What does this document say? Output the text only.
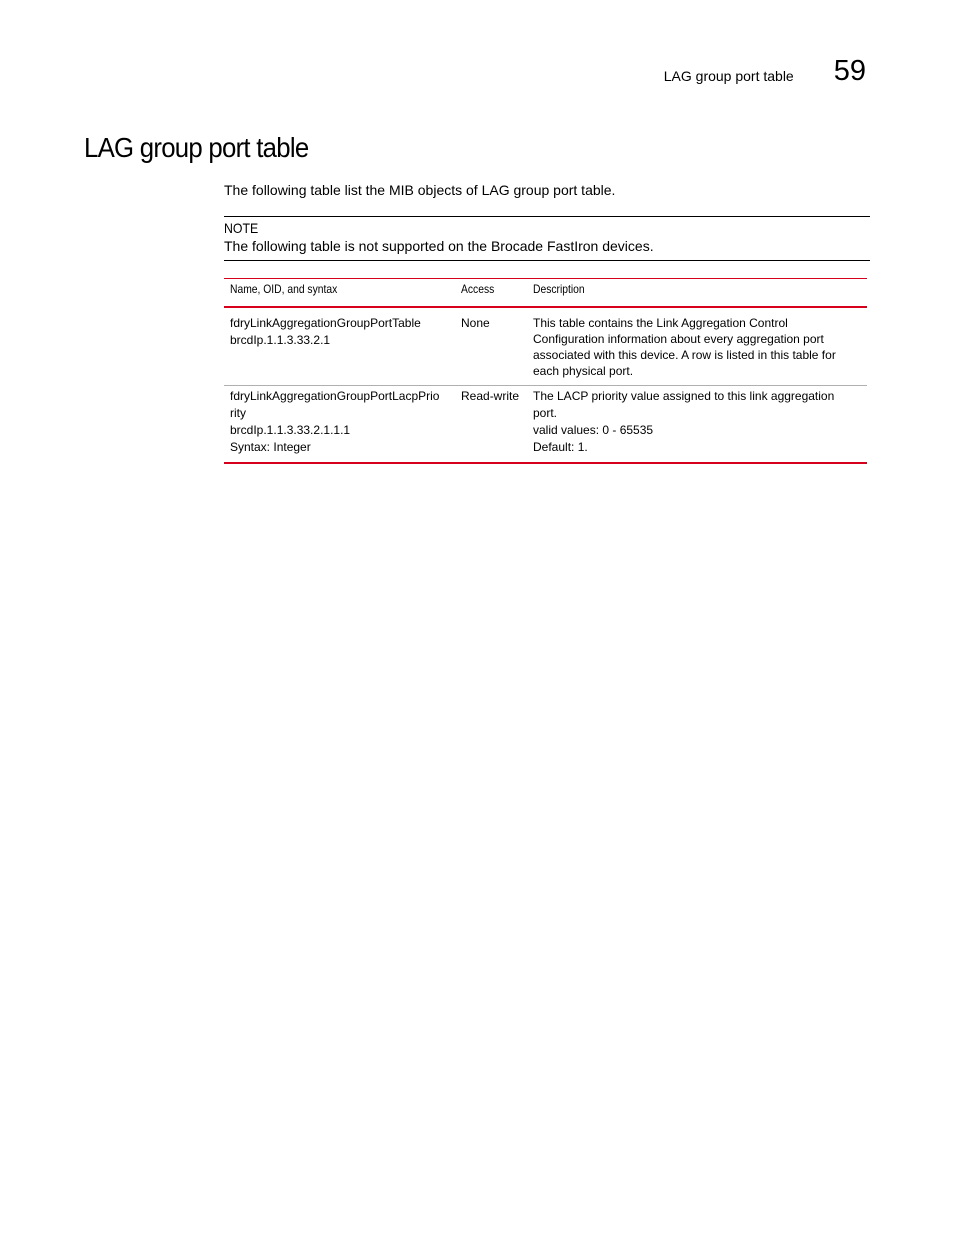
LAG group port table 59
LAG group port table

The following table list the MIB objects of LAG group port table.

NOTE
The following table is not supported on the Brocade FastIron devices.
Name, OID, and syntax	Access	Description

fdryLinkAggregationGroupPortTable
brcdIp.1.1.3.33.2.1	None	This table contains the Link Aggregation Control
Configuration information about every aggregation port
associated with this device. A row is listed in this table for
each physical port.

fdryLinkAggregationGroupPortLacpPrio
rity
brcdIp.1.1.3.33.2.1.1.1
Syntax: Integer	Read-write	The LACP priority value assigned to this link aggregation
port.
valid values: 0 - 65535
Default: 1.
